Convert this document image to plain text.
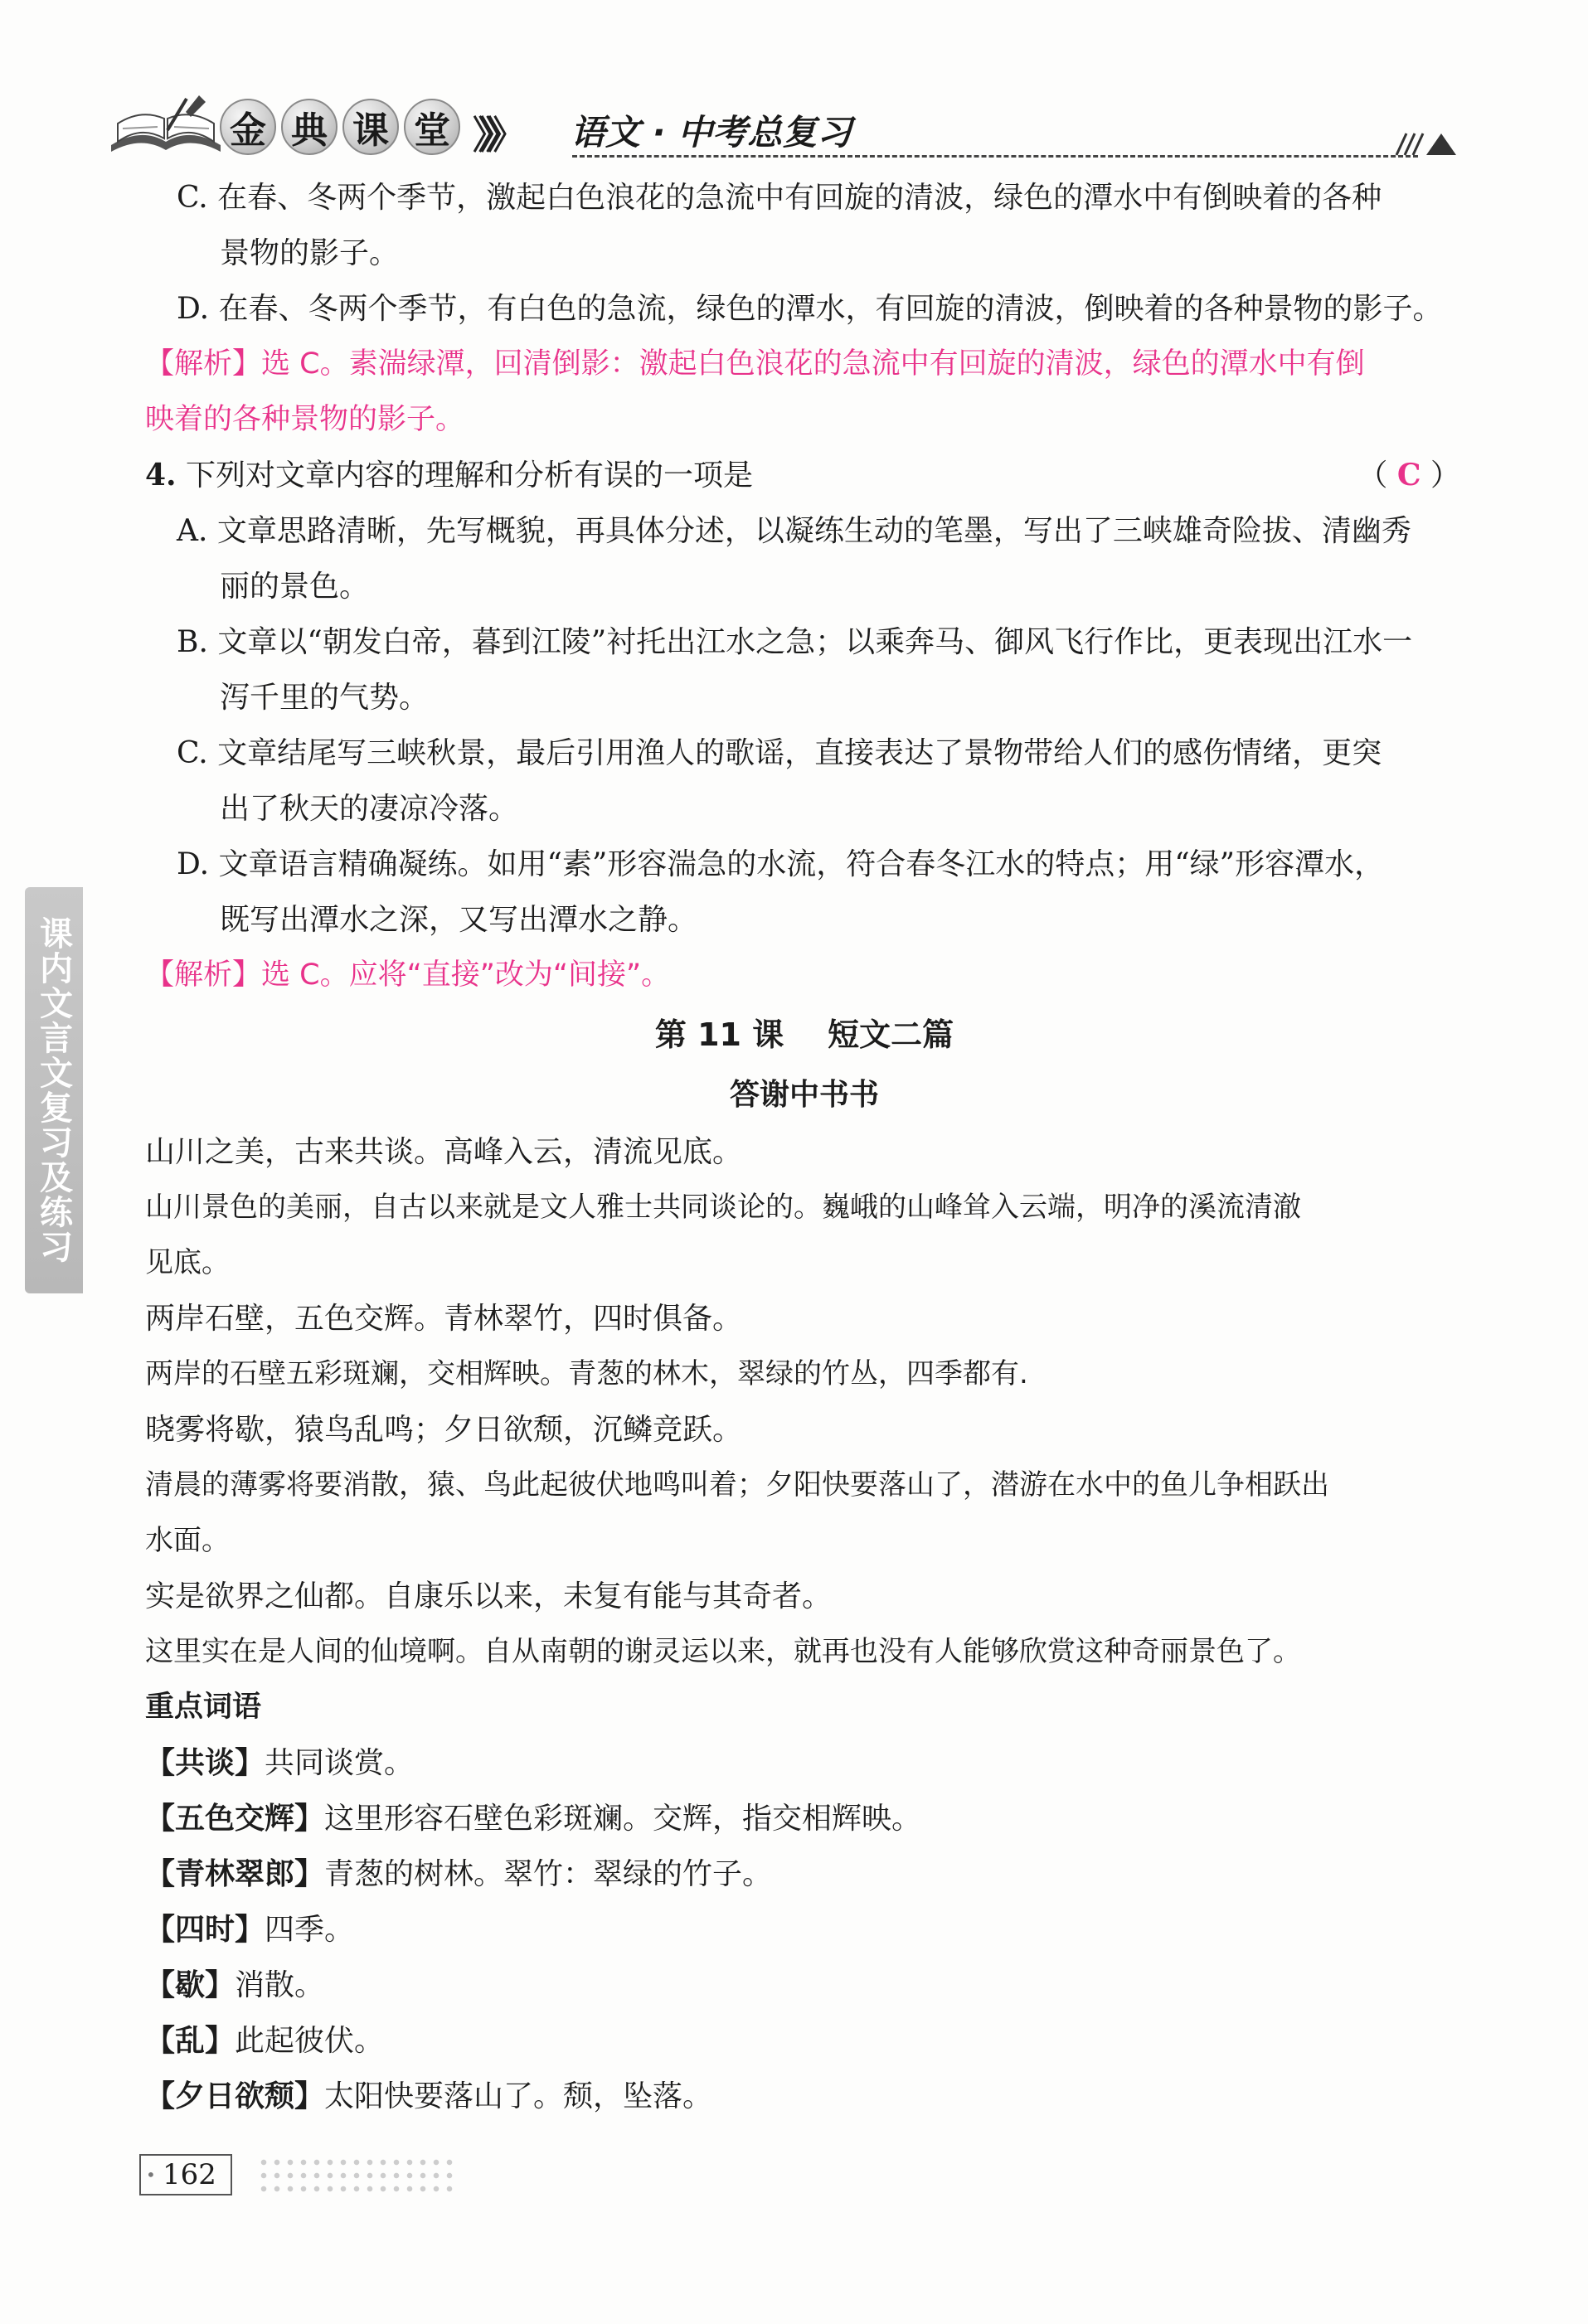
金 典 课 堂 》》》 语文 · 中考总复习
课内文言文复习及练习
C. 在春、冬两个季节，激起白色浪花的急流中有回旋的清波，绿色的潭水中有倒映着的各种
景物的影子。
D. 在春、冬两个季节，有白色的急流，绿色的潭水，有回旋的清波，倒映着的各种景物的影子。
【解析】选 C。素湍绿潭，回清倒影：激起白色浪花的急流中有回旋的清波，绿色的潭水中有倒
映着的各种景物的影子。
4. 下列对文章内容的理解和分析有误的一项是	（ C ）
A. 文章思路清晰，先写概貌，再具体分述，以凝练生动的笔墨，写出了三峡雄奇险拔、清幽秀
丽的景色。
B. 文章以“朝发白帝，暮到江陵”衬托出江水之急；以乘奔马、御风飞行作比，更表现出江水一
泻千里的气势。
C. 文章结尾写三峡秋景，最后引用渔人的歌谣，直接表达了景物带给人们的感伤情绪，更突
出了秋天的凄凉冷落。
D. 文章语言精确凝练。如用“素”形容湍急的水流，符合春冬江水的特点；用“绿”形容潭水，
既写出潭水之深，又写出潭水之静。
【解析】选 C。应将“直接”改为“间接”。
第 11 课    短文二篇
答谢中书书
山川之美，古来共谈。高峰入云，清流见底。
山川景色的美丽，自古以来就是文人雅士共同谈论的。巍峨的山峰耸入云端，明净的溪流清澈
见底。
两岸石壁，五色交辉。青林翠竹，四时俱备。
两岸的石壁五彩斑斓，交相辉映。青葱的林木，翠绿的竹丛，四季都有.
晓雾将歇，猿鸟乱鸣；夕日欲颓，沉鳞竞跃。
清晨的薄雾将要消散，猿、鸟此起彼伏地鸣叫着；夕阳快要落山了，潜游在水中的鱼儿争相跃出
水面。
实是欲界之仙都。自康乐以来，未复有能与其奇者。
这里实在是人间的仙境啊。自从南朝的谢灵运以来，就再也没有人能够欣赏这种奇丽景色了。
重点词语
【共谈】共同谈赏。
【五色交辉】这里形容石壁色彩斑斓。交辉，指交相辉映。
【青林翠郎】青葱的树林。翠竹：翠绿的竹子。
【四时】四季。
【歇】消散。
【乱】此起彼伏。
【夕日欲颓】太阳快要落山了。颓，坠落。
• 162
